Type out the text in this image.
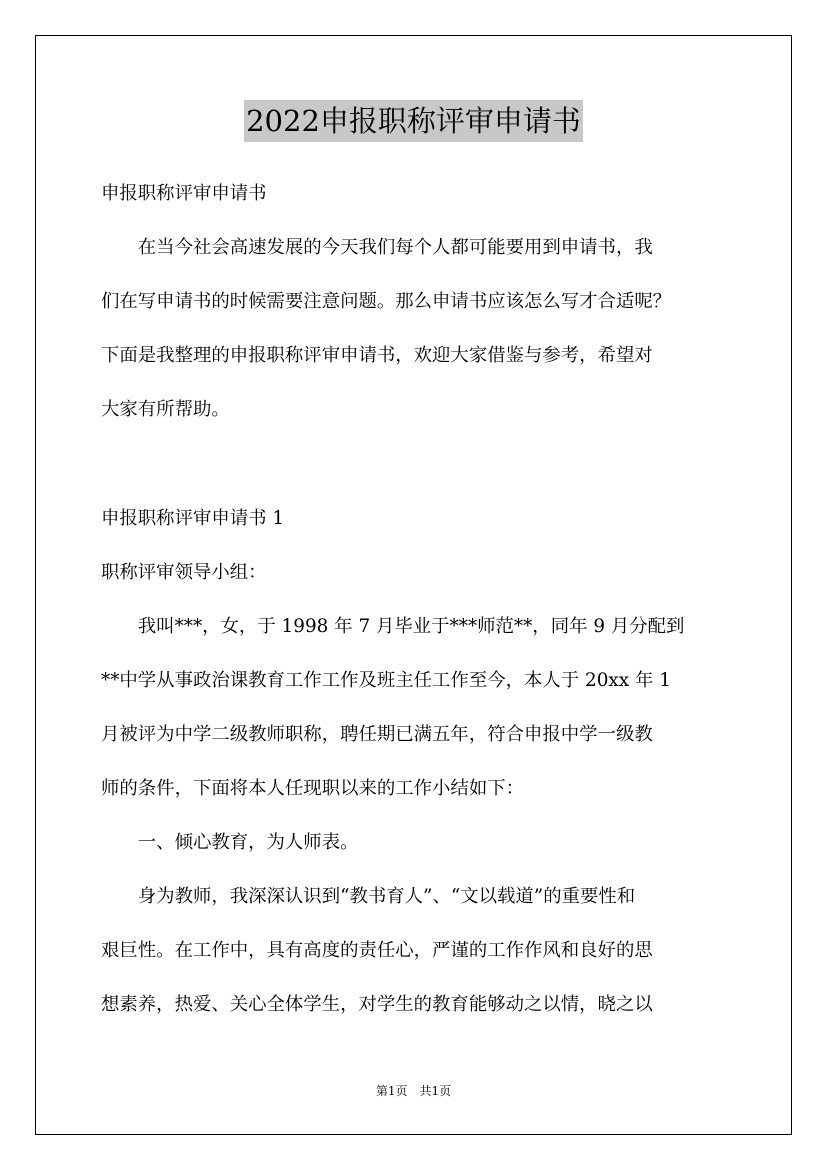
2022申报职称评审申请书
申报职称评审申请书
　　在当今社会高速发展的今天我们每个人都可能要用到申请书，我
们在写申请书的时候需要注意问题。那么申请书应该怎么写才合适呢？
下面是我整理的申报职称评审申请书，欢迎大家借鉴与参考，希望对
大家有所帮助。
申报职称评审申请书 1
职称评审领导小组：
　　我叫***，女，于 1998 年 7 月毕业于***师范**，同年 9 月分配到
**中学从事政治课教育工作工作及班主任工作至今，本人于 20xx 年 1
月被评为中学二级教师职称，聘任期已满五年，符合申报中学一级教
师的条件，下面将本人任现职以来的工作小结如下：
　　一、倾心教育，为人师表。
　　身为教师，我深深认识到“教书育人”、“文以载道”的重要性和
艰巨性。在工作中，具有高度的责任心，严谨的工作作风和良好的思
想素养，热爱、关心全体学生，对学生的教育能够动之以情，晓之以
第1页　共1页
